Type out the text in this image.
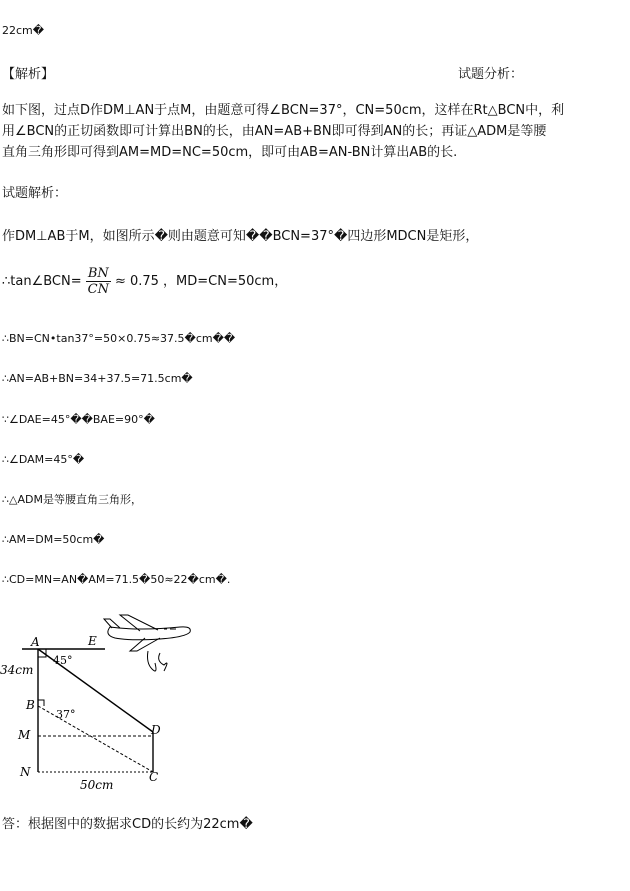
22cm�
【解析】	试题分析：
如下图，过点D作DM⊥AN于点M，由题意可得∠BCN=37°，CN=50cm，这样在Rt△BCN中，利
用∠BCN的正切函数即可计算出BN的长，由AN=AB+BN即可得到AN的长；再证△ADM是等腰
直角三角形即可得到AM=MD=NC=50cm，即可由AB=AN-BN计算出AB的长.
试题解析：
作DM⊥AB于M，如图所示�则由题意可知��BCN=37°�四边形MDCN是矩形，
∴tan∠BCN= $\frac{BN}{CN} \approx 0.75$ ，MD=CN=50cm，
∴BN=CN•tan37°=50×0.75≈37.5�cm��
∴AN=AB+BN=34+37.5=71.5cm�
∵∠DAE=45°��BAE=90°�
∴∠DAM=45°�
∴△ADM是等腰直角三角形，
∴AM=DM=50cm�
∴CD=MN=AN�AM=71.5�50≈22�cm�.
A	E
45°
34cm
B
37°
M
N
D
C
50cm
答：根据图中的数据求CD的长约为22cm�
